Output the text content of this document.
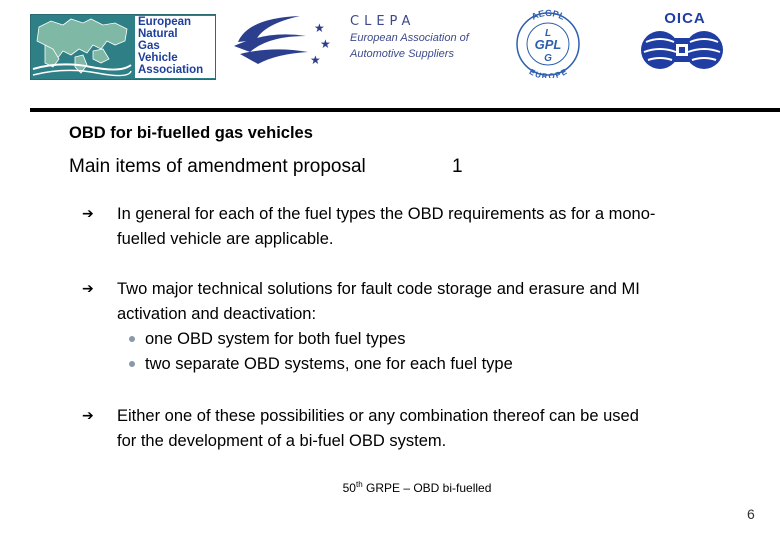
European
Natural
Gas
Vehicle
Association
★
★
★
CLEPA
European Association of
Automotive Suppliers
AEGPL
EUROPE
L
GPL
G
OICA
OBD for bi-fuelled gas vehicles
Main items of amendment proposal	1
➔ In general for each of the fuel types the OBD requirements as for a mono-
fuelled vehicle are applicable.
➔ Two major technical solutions for fault code storage and erasure and MI
activation and deactivation:
one OBD system for both fuel types
two separate OBD systems, one for each fuel type
➔ Either one of these possibilities or any combination thereof can be used
for the development of a bi-fuel OBD system.
50th GRPE – OBD bi-fuelled
6
